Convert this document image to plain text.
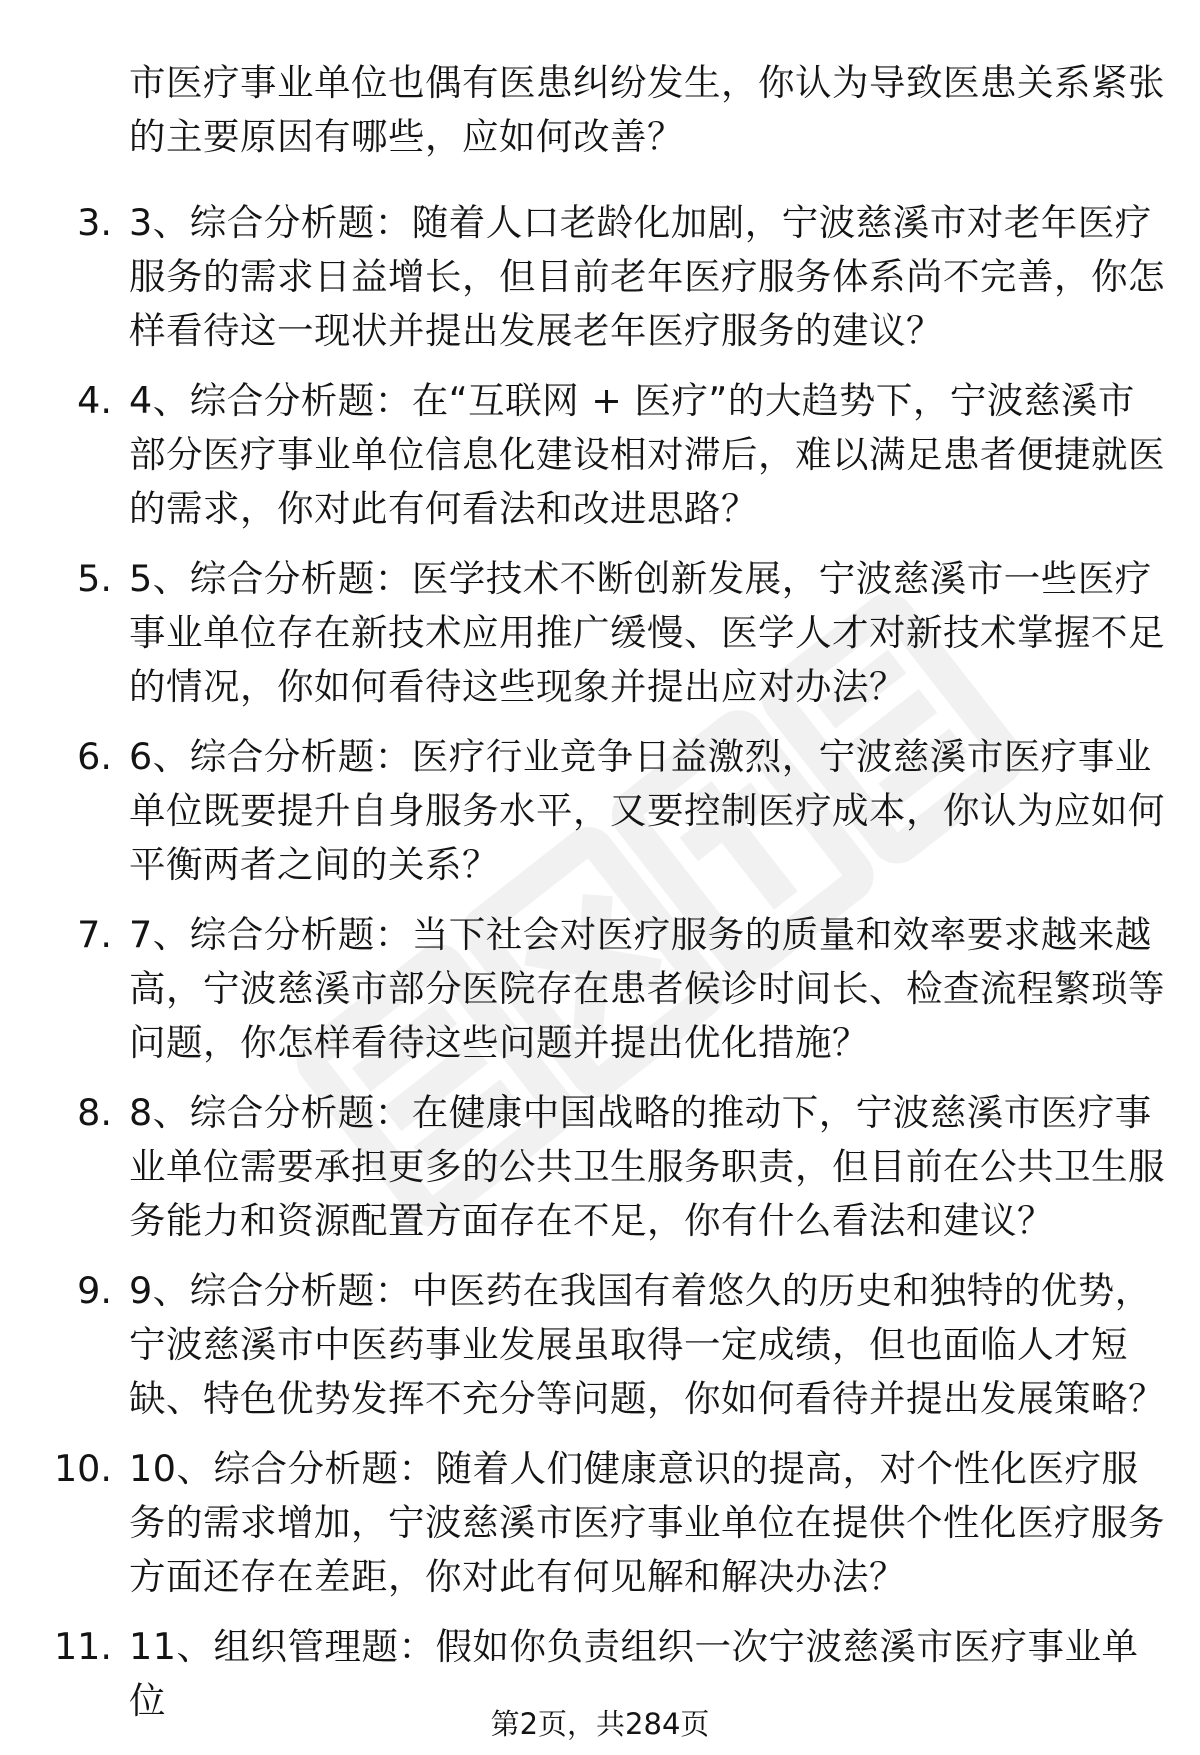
市医疗事业单位也偶有医患纠纷发生，你认为导致医患关系紧张的主要原因有哪些，应如何改善？
3. 3、综合分析题：随着人口老龄化加剧，宁波慈溪市对老年医疗服务的需求日益增长，但目前老年医疗服务体系尚不完善，你怎样看待这一现状并提出发展老年医疗服务的建议？
4. 4、综合分析题：在“互联网 + 医疗”的大趋势下，宁波慈溪市部分医疗事业单位信息化建设相对滞后，难以满足患者便捷就医的需求，你对此有何看法和改进思路？
5. 5、综合分析题：医学技术不断创新发展，宁波慈溪市一些医疗事业单位存在新技术应用推广缓慢、医学人才对新技术掌握不足的情况，你如何看待这些现象并提出应对办法？
6. 6、综合分析题：医疗行业竞争日益激烈，宁波慈溪市医疗事业单位既要提升自身服务水平，又要控制医疗成本，你认为应如何平衡两者之间的关系？
7. 7、综合分析题：当下社会对医疗服务的质量和效率要求越来越高，宁波慈溪市部分医院存在患者候诊时间长、检查流程繁琐等问题，你怎样看待这些问题并提出优化措施？
8. 8、综合分析题：在健康中国战略的推动下，宁波慈溪市医疗事业单位需要承担更多的公共卫生服务职责，但目前在公共卫生服务能力和资源配置方面存在不足，你有什么看法和建议？
9. 9、综合分析题：中医药在我国有着悠久的历史和独特的优势，宁波慈溪市中医药事业发展虽取得一定成绩，但也面临人才短缺、特色优势发挥不充分等问题，你如何看待并提出发展策略？
10. 10、综合分析题：随着人们健康意识的提高，对个性化医疗服务的需求增加，宁波慈溪市医疗事业单位在提供个性化医疗服务方面还存在差距，你对此有何见解和解决办法？
11. 11、组织管理题：假如你负责组织一次宁波慈溪市医疗事业单位
第2页，共284页
